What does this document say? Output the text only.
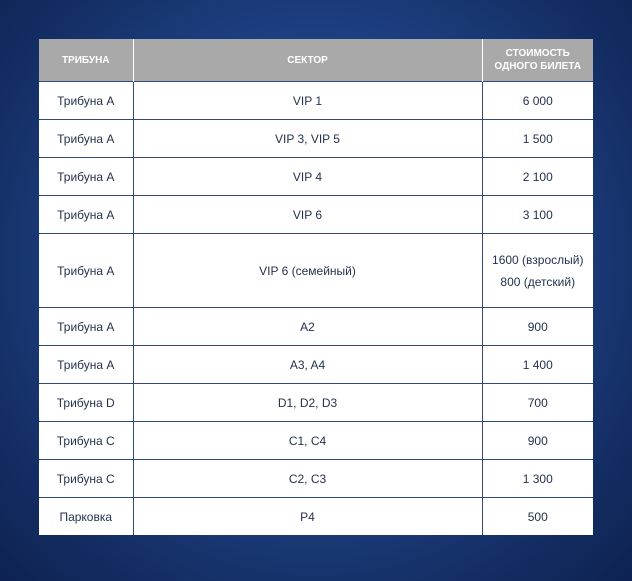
ТРИБУНА	СЕКТОР	СТОИМОСТЬ ОДНОГО БИЛЕТА
Трибуна A	VIP 1	6 000
Трибуна A	VIP 3, VIP 5	1 500
Трибуна A	VIP 4	2 100
Трибуна A	VIP 6	3 100
Трибуна A	VIP 6 (семейный)	1600 (взрослый)
800 (детский)

Трибуна A	A2	900
Трибуна A	A3, A4	1 400
Трибуна D	D1, D2, D3	700
Трибуна C	C1, C4	900
Трибуна C	C2, C3	1 300
Парковка	P4	500
